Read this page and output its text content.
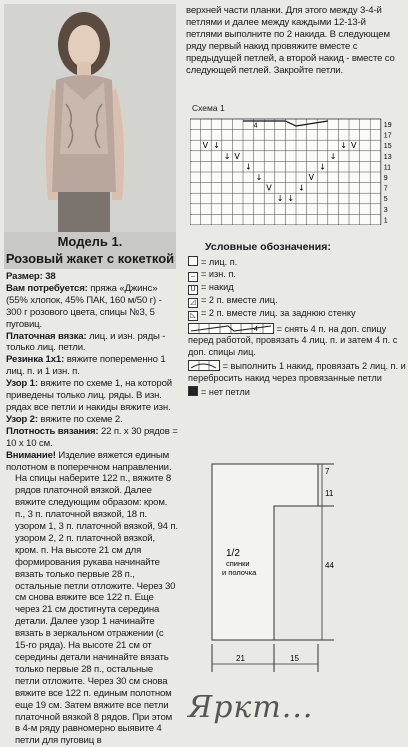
Модель 1.
Розовый жакет с кокеткой

Размер: 38

Вам потребуется: пряжа «Джинс» (55% хлопок, 45% ПАК, 160 м/50 г) - 300 г розового цвета, спицы №3, 5 пуговиц.

Платочная вязка: лиц. и изн. ряды - только лиц. петли.

Резинка 1х1: вяжите попеременно 1 лиц. п. и 1 изн. п.

Узор 1: вяжите по схеме 1, на которой приведены только лиц. ряды. В изн. рядах все петли и накиды вяжите изн.

Узор 2: вяжите по схеме 2.

Плотность вязания: 22 п. х 30 рядов = 10 х 10 см.

Внимание! Изделие вяжется единым полотном в поперечном направлении.

На спицы наберите 122 п., вяжите 8 рядов платочной вязкой. Далее вяжите следующим образом: кром. п., 3 п. платочной вязкой, 18 п. узором 1, 3 п. платочной вязкой, 94 п. узором 2, 2 п. платочной вязкой, кром. п. На высоте 21 см для формирования рукава начинайте вязать только первые 28 п., остальные петли отложите. Через 30 см снова вяжите все 122 п. Еще через 21 см достигнута середина детали. Далее узор 1 начинайте вязать в зеркальном отражении (с 15-го ряда). На высоте 21 см от середины детали начинайте вязать только первые 28 п., остальные петли отложите. Через 30 см снова вяжите все 122 п. единым полотном еще 19 см. Затем вяжите все петли платочной вязкой 8 рядов. При этом в 4-м ряду равномерно выявите 4 петли для пуговиц в

верхней части планки. Для этого между 3-4-й петлями и далее между каждыми 12-13-й петлями выполните по 2 накида. В следующем ряду первый накид провяжите вместе с предыдущей петлей, а второй накид - вместе со следующей петлей. Закройте петли.
Схема 1
4
V ↓
↓ V
↓
↓ V
↓
↓
V
↓
↓
V
↓ ↓
19
17
15
13
11
9
7
5
3
1
Условные обозначения:
= лиц. п.
– = изн. п.
U = накид
◿ = 2 п. вместе лиц.
◺ = 2 п. вместе лиц. за заднюю стенку
4 = снять 4 п. на доп. спицу перед работой, провязать 4 лиц. п. и затем 4 п. с доп. спицы лиц.
= выполнить 1 накид, провязать 2 лиц. п. и перебросить накид через провязанные петли
= нет петли
1/2
спинки
и полочка
7
11
44
21	15
Яркт...
